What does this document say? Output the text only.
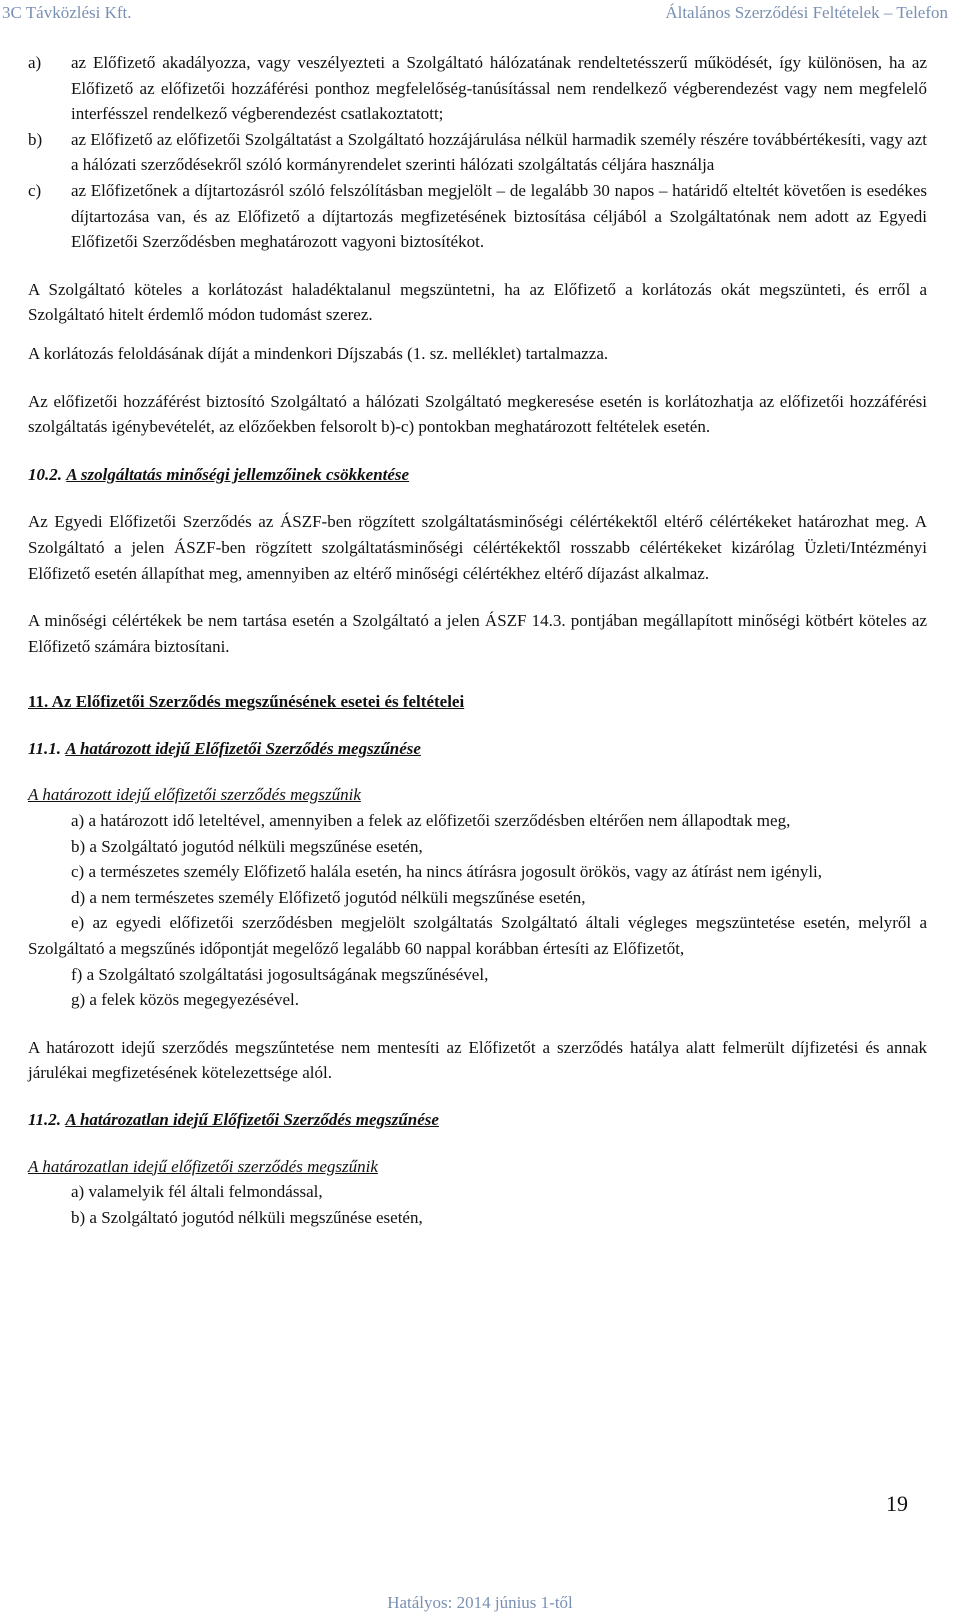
3C Távközlési Kft.	Általános Szerződési Feltételek – Telefon
a)	az Előfizető akadályozza, vagy veszélyezteti a Szolgáltató hálózatának rendeltetésszerű működését, így különösen, ha az Előfizető az előfizetői hozzáférési ponthoz megfelelőség-tanúsítással nem rendelkező végberendezést vagy nem megfelelő interfésszel rendelkező végberendezést csatlakoztatott;
b)	az Előfizető az előfizetői Szolgáltatást a Szolgáltató hozzájárulása nélkül harmadik személy részére továbbértékesíti, vagy azt a hálózati szerződésekről szóló kormányrendelet szerinti hálózati szolgáltatás céljára használja
c)	az Előfizetőnek a díjtartozásról szóló felszólításban megjelölt – de legalább 30 napos – határidő elteltét követően is esedékes díjtartozása van, és az Előfizető a díjtartozás megfizetésének biztosítása céljából a Szolgáltatónak nem adott az Egyedi Előfizetői Szerződésben meghatározott vagyoni biztosítékot.

A Szolgáltató köteles a korlátozást haladéktalanul megszüntetni, ha az Előfizető a korlátozás okát megszünteti, és erről a Szolgáltató hitelt érdemlő módon tudomást szerez.

A korlátozás feloldásának díját a mindenkori Díjszabás (1. sz. melléklet) tartalmazza.

Az előfizetői hozzáférést biztosító Szolgáltató a hálózati Szolgáltató megkeresése esetén is korlátozhatja az előfizetői hozzáférési szolgáltatás igénybevételét, az előzőekben felsorolt b)-c) pontokban meghatározott feltételek esetén.

10.2. A szolgáltatás minőségi jellemzőinek csökkentése

Az Egyedi Előfizetői Szerződés az ÁSZF-ben rögzített szolgáltatásminőségi célértékektől eltérő célértékeket határozhat meg. A Szolgáltató a jelen ÁSZF-ben rögzített szolgáltatásminőségi célértékektől rosszabb célértékeket kizárólag Üzleti/Intézményi Előfizető esetén állapíthat meg, amennyiben az eltérő minőségi célértékhez eltérő díjazást alkalmaz.

A minőségi célértékek be nem tartása esetén a Szolgáltató a jelen ÁSZF 14.3. pontjában megállapított minőségi kötbért köteles az Előfizető számára biztosítani.

11. Az Előfizetői Szerződés megszűnésének esetei és feltételei

11.1. A határozott idejű Előfizetői Szerződés megszűnése

A határozott idejű előfizetői szerződés megszűnik

a) a határozott idő leteltével, amennyiben a felek az előfizetői szerződésben eltérően nem állapodtak meg,

b) a Szolgáltató jogutód nélküli megszűnése esetén,

c) a természetes személy Előfizető halála esetén, ha nincs átírásra jogosult örökös, vagy az átírást nem igényli,

d) a nem természetes személy Előfizető jogutód nélküli megszűnése esetén,

e) az egyedi előfizetői szerződésben megjelölt szolgáltatás Szolgáltató általi végleges megszüntetése esetén, melyről a Szolgáltató a megszűnés időpontját megelőző legalább 60 nappal korábban értesíti az Előfizetőt,

f) a Szolgáltató szolgáltatási jogosultságának megszűnésével,

g) a felek közös megegyezésével.

A határozott idejű szerződés megszűntetése nem mentesíti az Előfizetőt a szerződés hatálya alatt felmerült díjfizetési és annak járulékai megfizetésének kötelezettsége alól.

11.2. A határozatlan idejű Előfizetői Szerződés megszűnése

A határozatlan idejű előfizetői szerződés megszűnik

a) valamelyik fél általi felmondással,

b) a Szolgáltató jogutód nélküli megszűnése esetén,

19
Hatályos: 2014 június 1-től
